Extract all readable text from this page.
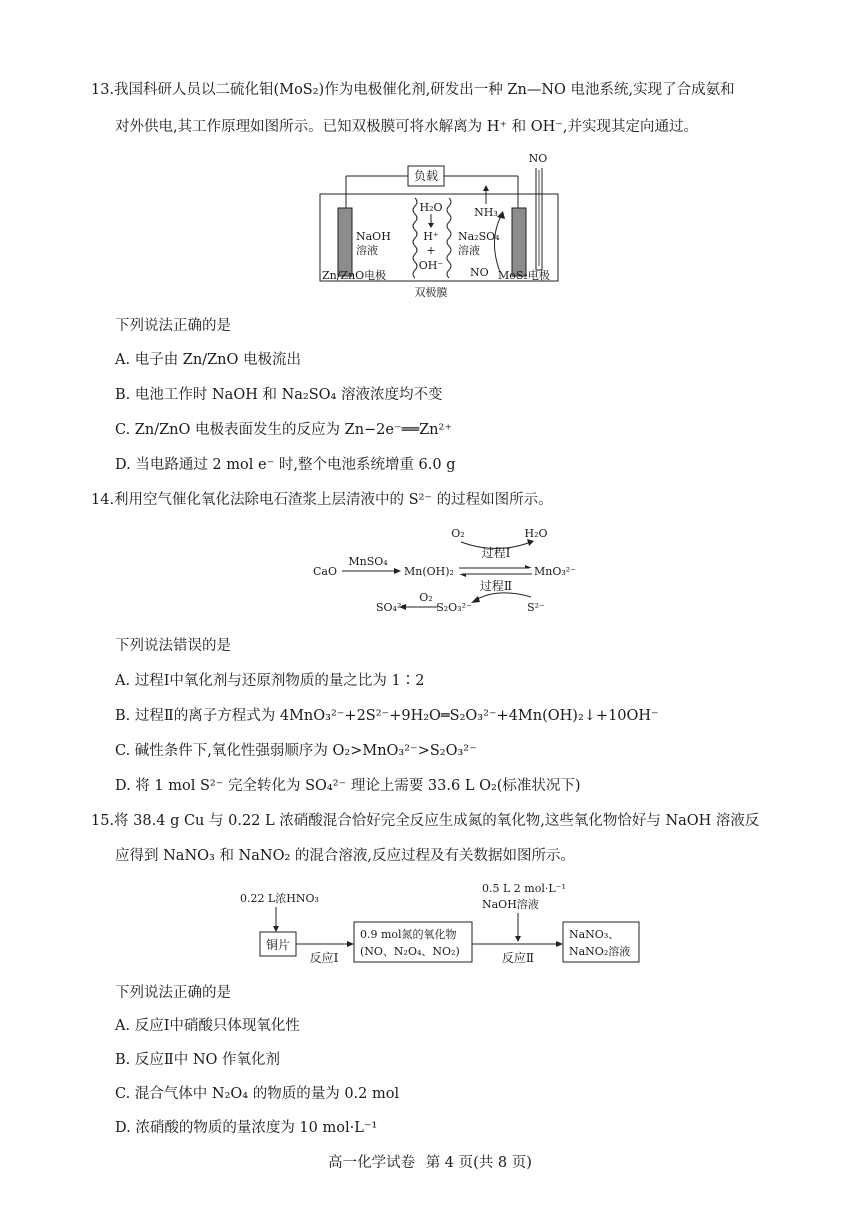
13.我国科研人员以二硫化钼(MoS₂)作为电极催化剂,研发出一种 Zn—NO 电池系统,实现了合成氨和
对外供电,其工作原理如图所示。已知双极膜可将水解离为 H⁺ 和 OH⁻,并实现其定向通过。
负载
NO
NaOH
溶液
H₂O
H⁺
+
OH⁻
NH₃
Na₂SO₄
溶液
NO
Zn/ZnO电极	MoS₂电极
双极膜
下列说法正确的是
A. 电子由 Zn/ZnO 电极流出
B. 电池工作时 NaOH 和 Na₂SO₄ 溶液浓度均不变
C. Zn/ZnO 电极表面发生的反应为 Zn−2e⁻══Zn²⁺
D. 当电路通过 2 mol e⁻ 时,整个电池系统增重 6.0 g
14.利用空气催化氧化法除电石渣浆上层清液中的 S²⁻ 的过程如图所示。
O₂	H₂O
过程Ⅰ
CaO
MnSO₄
Mn(OH)₂	MnO₃²⁻
过程Ⅱ
S²⁻
S₂O₃²⁻
O₂
SO₄²⁻
下列说法错误的是
A. 过程Ⅰ中氧化剂与还原剂物质的量之比为 1∶2
B. 过程Ⅱ的离子方程式为 4MnO₃²⁻+2S²⁻+9H₂O═S₂O₃²⁻+4Mn(OH)₂↓+10OH⁻
C. 碱性条件下,氧化性强弱顺序为 O₂>MnO₃²⁻>S₂O₃²⁻
D. 将 1 mol S²⁻ 完全转化为 SO₄²⁻ 理论上需要 33.6 L O₂(标准状况下)
15.将 38.4 g Cu 与 0.22 L 浓硝酸混合恰好完全反应生成氮的氧化物,这些氧化物恰好与 NaOH 溶液反
应得到 NaNO₃ 和 NaNO₂ 的混合溶液,反应过程及有关数据如图所示。
0.22 L浓HNO₃
铜片
反应Ⅰ
0.9 mol氮的氧化物
(NO、N₂O₄、NO₂)
0.5 L 2 mol·L⁻¹
NaOH溶液
反应Ⅱ
NaNO₃、
NaNO₂溶液
下列说法正确的是
A. 反应Ⅰ中硝酸只体现氧化性
B. 反应Ⅱ中 NO 作氧化剂
C. 混合气体中 N₂O₄ 的物质的量为 0.2 mol
D. 浓硝酸的物质的量浓度为 10 mol·L⁻¹
高一化学试卷 第 4 页(共 8 页)
